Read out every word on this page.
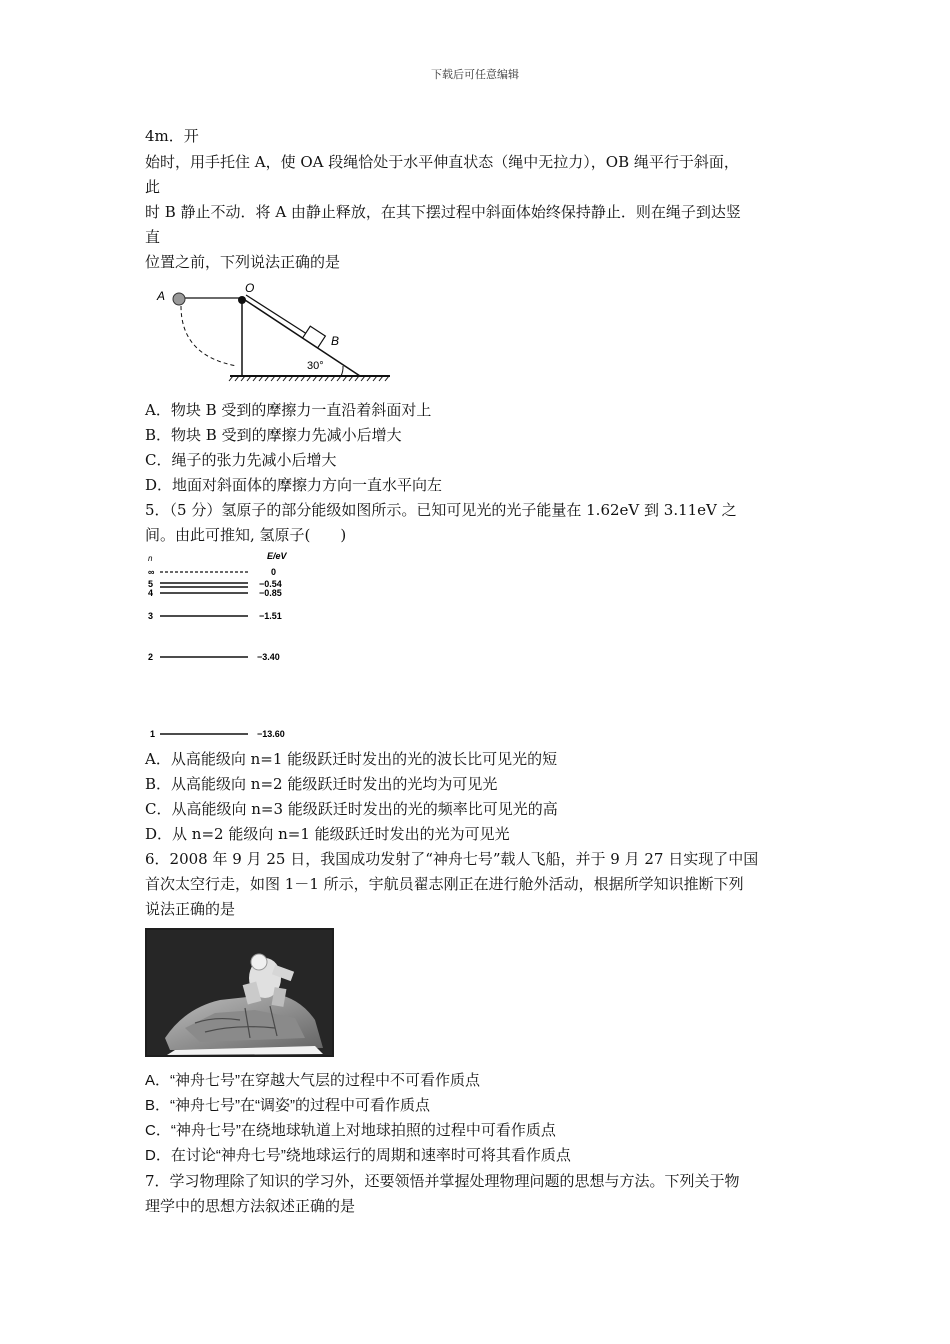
下载后可任意编辑
4m．开
始时，用手托住 A，使 OA 段绳恰处于水平伸直状态（绳中无拉力），OB 绳平行于斜面，
此
时 B 静止不动．将 A 由静止释放，在其下摆过程中斜面体始终保持静止．则在绳子到达竖
直
位置之前，下列说法正确的是
A
O
B
30°
A．物块 B 受到的摩擦力一直沿着斜面对上
B．物块 B 受到的摩擦力先减小后增大
C．绳子的张力先减小后增大
D．地面对斜面体的摩擦力方向一直水平向左
5．（5 分）氢原子的部分能级如图所示。已知可见光的光子能量在 1.62eV 到 3.11eV 之
间。由此可推知, 氢原子(　　)
n	E/eV
∞	0
5	−0.54
4	−0.85
3	−1.51
2	−3.40
1	−13.60
A．从高能级向 n=1 能级跃迁时发出的光的波长比可见光的短
B．从高能级向 n=2 能级跃迁时发出的光均为可见光
C．从高能级向 n=3 能级跃迁时发出的光的频率比可见光的高
D．从 n=2 能级向 n=1 能级跃迁时发出的光为可见光
6．2008 年 9 月 25 日，我国成功发射了“神舟七号”载人飞船，并于 9 月 27 日实现了中国
首次太空行走，如图 1－1 所示，宇航员翟志刚正在进行舱外活动，根据所学知识推断下列
说法正确的是
A．“神舟七号”在穿越大气层的过程中不可看作质点
B．“神舟七号”在“调姿”的过程中可看作质点
C．“神舟七号”在绕地球轨道上对地球拍照的过程中可看作质点
D．在讨论“神舟七号”绕地球运行的周期和速率时可将其看作质点
7．学习物理除了知识的学习外，还要领悟并掌握处理物理问题的思想与方法。下列关于物
理学中的思想方法叙述正确的是
